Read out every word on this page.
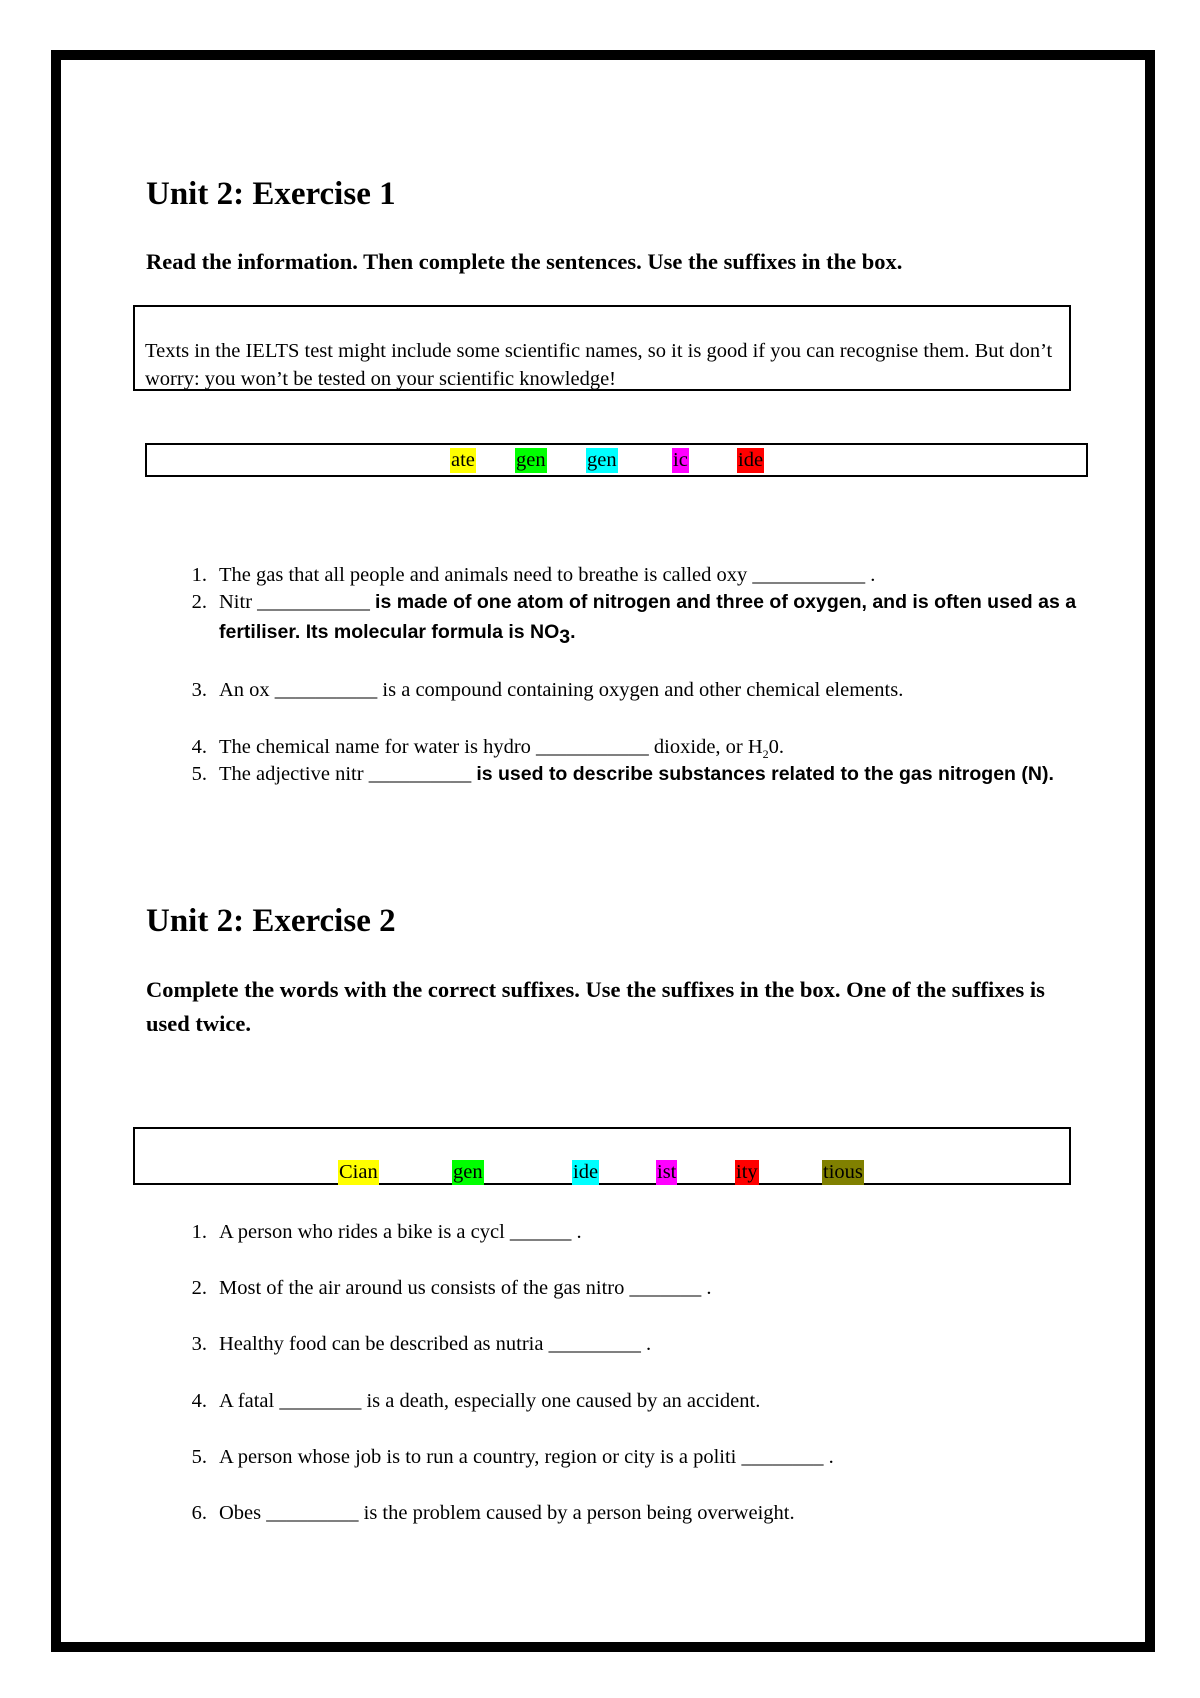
Unit 2: Exercise 1

Read the information. Then complete the sentences. Use the suffixes in the box.

Texts in the IELTS test might include some scientific names, so it is good if you can recognise them. But don’t worry: you won’t be tested on your scientific knowledge!
ate gen gen	ic ide
1. The gas that all people and animals need to breathe is called oxy ___________ .
2. Nitr ___________ is made of one atom of nitrogen and three of oxygen, and is often used as a fertiliser. Its molecular formula is $NO_3$.
3. An ox __________ is a compound containing oxygen and other chemical elements.
4. The chemical name for water is hydro ___________ dioxide, or $H_20$.
5. The adjective nitr __________ is used to describe substances related to the gas nitrogen (N).
Unit 2: Exercise 2

Complete the words with the correct suffixes. Use the suffixes in the box. One of the suffixes is used twice.

Cian	gen	ide	ist	ity	tious
1. A person who rides a bike is a cycl ______ .
2. Most of the air around us consists of the gas nitro _______ .
3. Healthy food can be described as nutria _________ .
4. A fatal ________ is a death, especially one caused by an accident.
5. A person whose job is to run a country, region or city is a politi ________ .
6. Obes _________ is the problem caused by a person being overweight.
